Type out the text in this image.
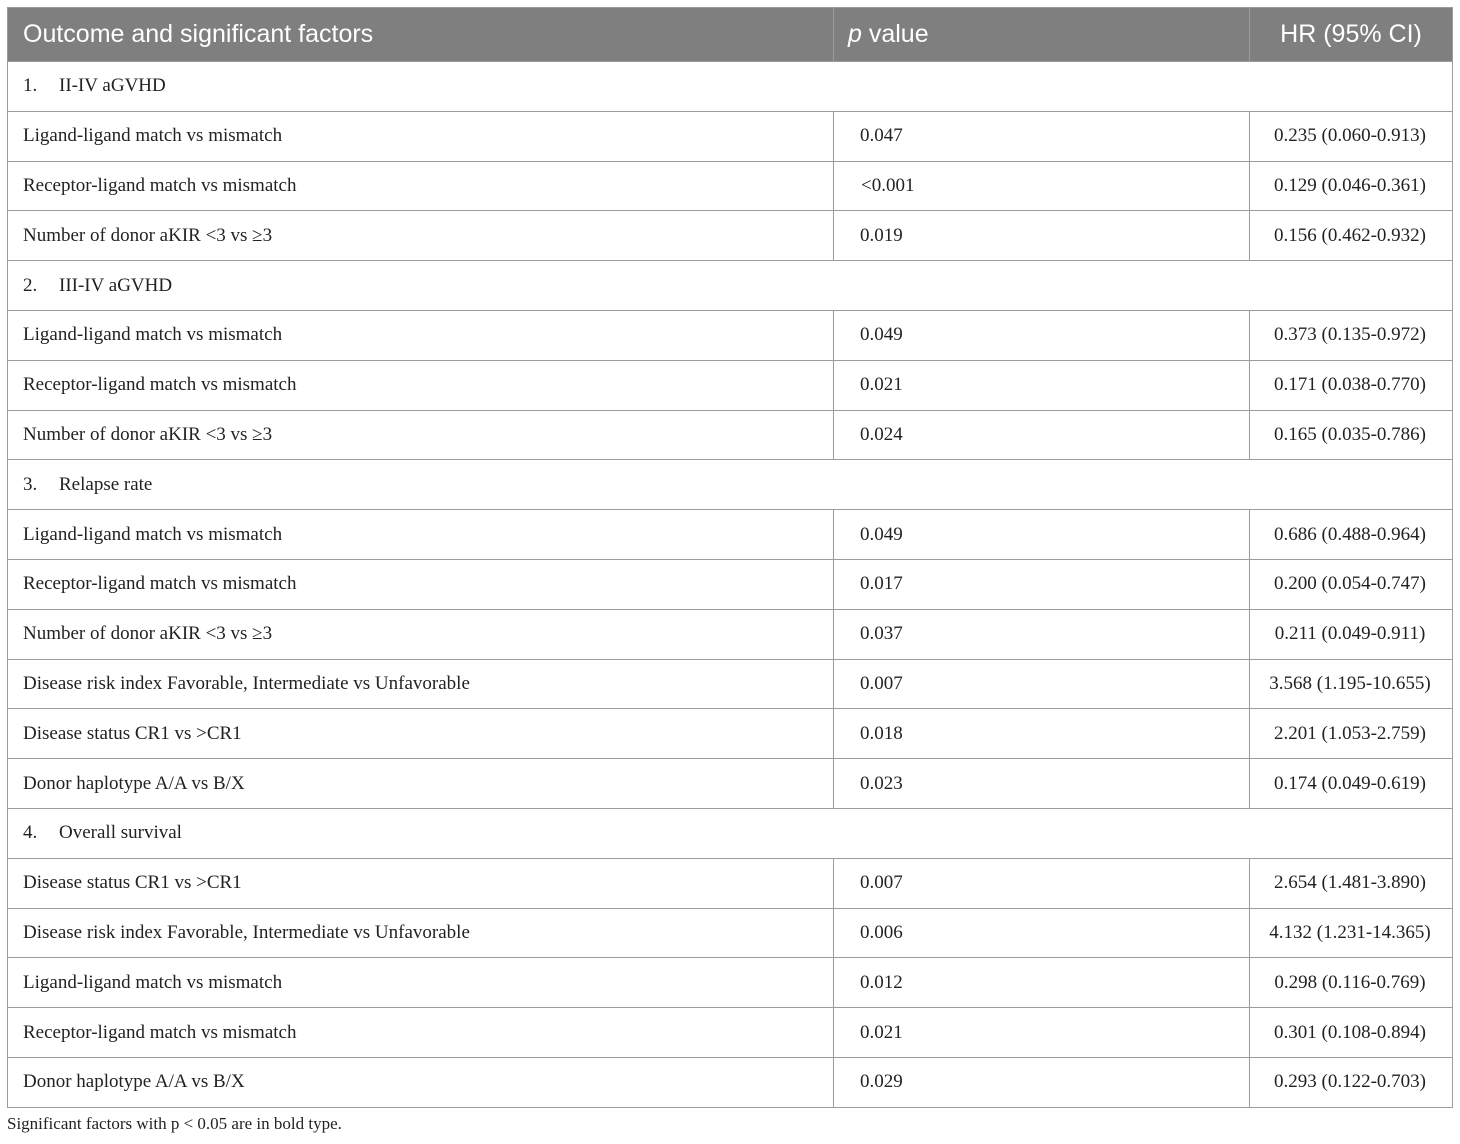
Outcome and significant factors	p value	HR (95% CI)
1. II-IV aGVHD		
Ligand-ligand match vs mismatch	0.047	0.235 (0.060-0.913)
Receptor-ligand match vs mismatch	<0.001	0.129 (0.046-0.361)
Number of donor aKIR <3 vs ≥3	0.019	0.156 (0.462-0.932)
2. III-IV aGVHD		
Ligand-ligand match vs mismatch	0.049	0.373 (0.135-0.972)
Receptor-ligand match vs mismatch	0.021	0.171 (0.038-0.770)
Number of donor aKIR <3 vs ≥3	0.024	0.165 (0.035-0.786)
3. Relapse rate		
Ligand-ligand match vs mismatch	0.049	0.686 (0.488-0.964)
Receptor-ligand match vs mismatch	0.017	0.200 (0.054-0.747)
Number of donor aKIR <3 vs ≥3	0.037	0.211 (0.049-0.911)
Disease risk index Favorable, Intermediate vs Unfavorable	0.007	3.568 (1.195-10.655)
Disease status CR1 vs >CR1	0.018	2.201 (1.053-2.759)
Donor haplotype A/A vs B/X	0.023	0.174 (0.049-0.619)
4. Overall survival		
Disease status CR1 vs >CR1	0.007	2.654 (1.481-3.890)
Disease risk index Favorable, Intermediate vs Unfavorable	0.006	4.132 (1.231-14.365)
Ligand-ligand match vs mismatch	0.012	0.298 (0.116-0.769)
Receptor-ligand match vs mismatch	0.021	0.301 (0.108-0.894)
Donor haplotype A/A vs B/X	0.029	0.293 (0.122-0.703)
Significant factors with p < 0.05 are in bold type.
